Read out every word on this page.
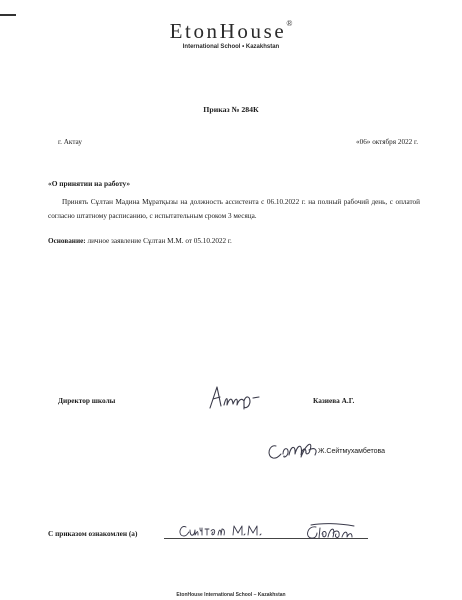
EtonHouse®
International School • Kazakhstan
Приказ № 284К
г. Актау	«06» октября 2022 г.
«О принятии на работу»
Принять Сұлтан Мадина Мұратқызы на должность ассистента с 06.10.2022 г. на полный рабочий день, с оплатой согласно штатному расписанию, с испытательным сроком 3 месяца.
Основание: личное заявление Сұлтан М.М. от 05.10.2022 г.
Директор школы	Казиева А.Г.
Ж.Сейтмухамбетова
С приказом ознакомлен (а)
EtonHouse International School – Kazakhstan
